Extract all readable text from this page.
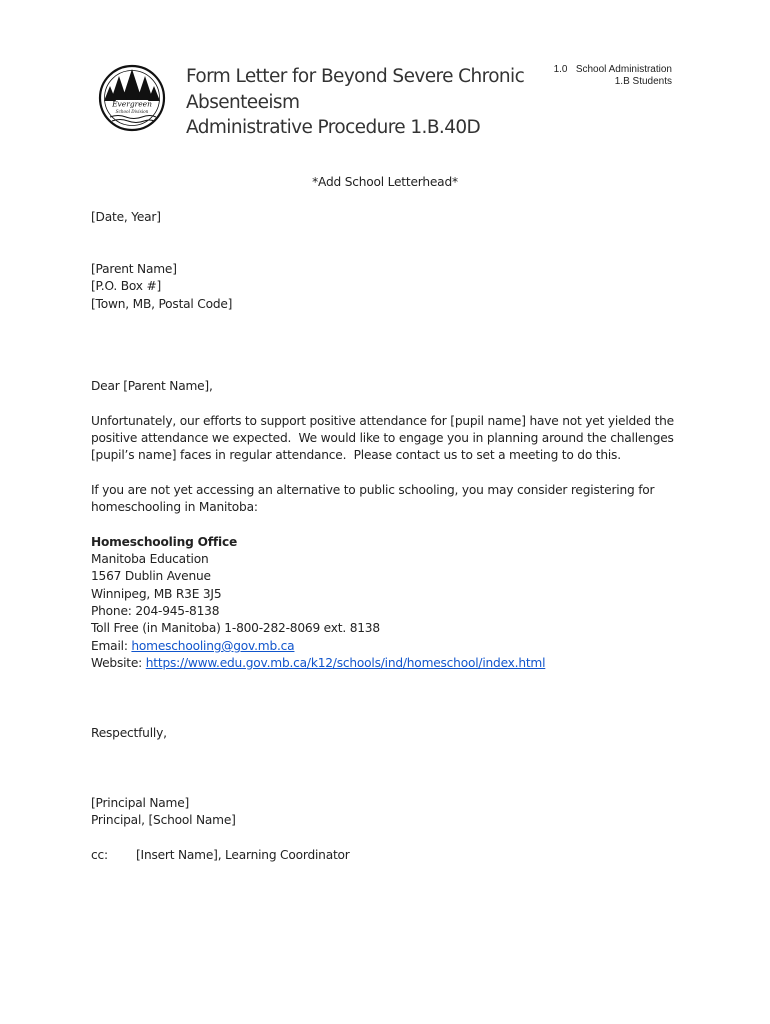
Evergreen
School Division
Form Letter for Beyond Severe Chronic
Absenteeism
Administrative Procedure 1.B.40D
1.0   School Administration
1.B Students
*Add School Letterhead*
[Date, Year]
[Parent Name]
[P.O. Box #]
[Town, MB, Postal Code]
Dear [Parent Name],
Unfortunately, our efforts to support positive attendance for [pupil name] have not yet yielded the
positive attendance we expected.  We would like to engage you in planning around the challenges
[pupil’s name] faces in regular attendance.  Please contact us to set a meeting to do this.
If you are not yet accessing an alternative to public schooling, you may consider registering for
homeschooling in Manitoba:
Homeschooling Office
Manitoba Education
1567 Dublin Avenue
Winnipeg, MB R3E 3J5
Phone: 204-945-8138
Toll Free (in Manitoba) 1-800-282-8069 ext. 8138
Email: homeschooling@gov.mb.ca
Website: https://www.edu.gov.mb.ca/k12/schools/ind/homeschool/index.html
Respectfully,
[Principal Name]
Principal, [School Name]
cc: [Insert Name], Learning Coordinator
